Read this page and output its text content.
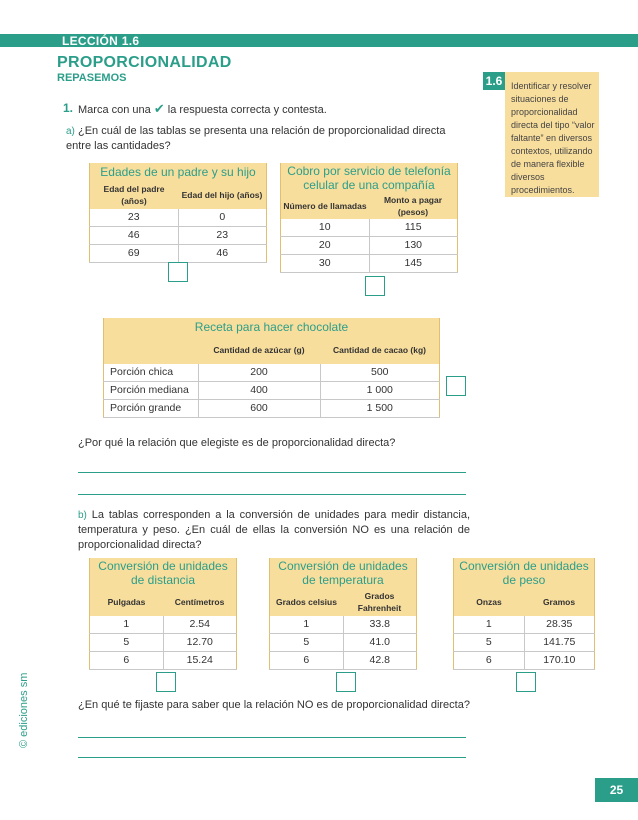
LECCIÓN 1.6
PROPORCIONALIDAD
REPASEMOS	1.6 Identificar y resolver situaciones de proporcionalidad directa del tipo “valor faltante” en diversos contextos, utilizando de manera flexible diversos procedimientos.
1. Marca con una ✔ la respuesta correcta y contesta.
a) ¿En cuál de las tablas se presenta una relación de proporcionalidad directa entre las cantidades?
Edades de un padre y su hijo	
Edad del padre (años)	Edad del hijo (años)
23	0
46	23
69	46
Cobro por servicio de telefonía celular de una compañía	
Número de llamadas	Monto a pagar (pesos)
10	115
20	130
30	145
Receta para hacer chocolate		
	Cantidad de azúcar (g)	Cantidad de cacao (kg)
Porción chica	200	500
Porción mediana	400	1 000
Porción grande	600	1 500
¿Por qué la relación que elegiste es de proporcionalidad directa?
b) La tablas corresponden a la conversión de unidades para medir distancia, temperatura y peso. ¿En cuál de ellas la conversión NO es una relación de proporcionalidad directa?
Conversión de unidades de distancia	
Pulgadas	Centímetros
1	2.54
5	12.70
6	15.24
Conversión de unidades de temperatura	
Grados celsius	Grados Fahrenheit
1	33.8
5	41.0
6	42.8
Conversión de unidades de peso	
Onzas	Gramos
1	28.35
5	141.75
6	170.10
¿En qué te fijaste para saber que la relación NO es de proporcionalidad directa?
25
© ediciones sm
